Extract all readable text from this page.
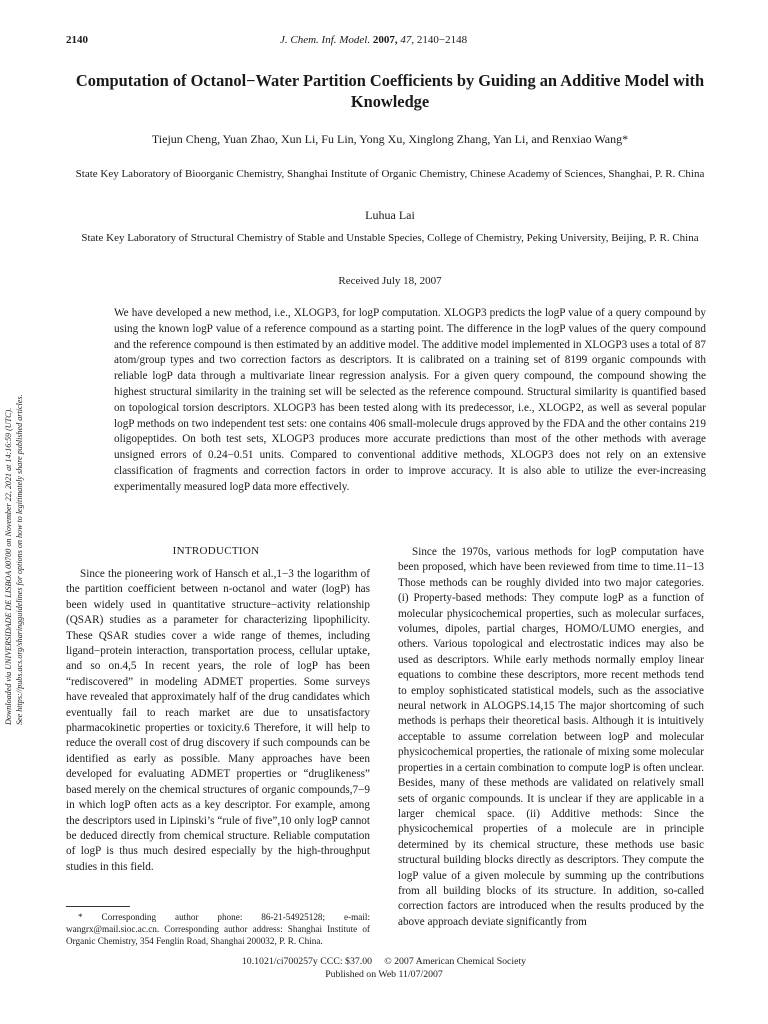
2140	J. Chem. Inf. Model. 2007, 47, 2140−2148
Computation of Octanol−Water Partition Coefficients by Guiding an Additive Model with Knowledge
Tiejun Cheng, Yuan Zhao, Xun Li, Fu Lin, Yong Xu, Xinglong Zhang, Yan Li, and Renxiao Wang*
State Key Laboratory of Bioorganic Chemistry, Shanghai Institute of Organic Chemistry, Chinese Academy of Sciences, Shanghai, P. R. China
Luhua Lai
State Key Laboratory of Structural Chemistry of Stable and Unstable Species, College of Chemistry, Peking University, Beijing, P. R. China
Received July 18, 2007
Downloaded via UNIVERSIDADE DE LISBOA 00700 on November 22, 2021 at 14:16:59 (UTC). See https://pubs.acs.org/sharingguidelines for options on how to legitimately share published articles.
We have developed a new method, i.e., XLOGP3, for logP computation. XLOGP3 predicts the logP value of a query compound by using the known logP value of a reference compound as a starting point. The difference in the logP values of the query compound and the reference compound is then estimated by an additive model. The additive model implemented in XLOGP3 uses a total of 87 atom/group types and two correction factors as descriptors. It is calibrated on a training set of 8199 organic compounds with reliable logP data through a multivariate linear regression analysis. For a given query compound, the compound showing the highest structural similarity in the training set will be selected as the reference compound. Structural similarity is quantified based on topological torsion descriptors. XLOGP3 has been tested along with its predecessor, i.e., XLOGP2, as well as several popular logP methods on two independent test sets: one contains 406 small-molecule drugs approved by the FDA and the other contains 219 oligopeptides. On both test sets, XLOGP3 produces more accurate predictions than most of the other methods with average unsigned errors of 0.24−0.51 units. Compared to conventional additive methods, XLOGP3 does not rely on an extensive classification of fragments and correction factors in order to improve accuracy. It is also able to utilize the ever-increasing experimentally measured logP data more effectively.
INTRODUCTION

Since the pioneering work of Hansch et al.,1−3 the logarithm of the partition coefficient between n-octanol and water (logP) has been widely used in quantitative structure−activity relationship (QSAR) studies as a parameter for characterizing lipophilicity. These QSAR studies cover a wide range of themes, including ligand−protein interaction, transportation process, cellular uptake, and so on.4,5 In recent years, the role of logP has been “rediscovered” in modeling ADMET properties. Some surveys have revealed that approximately half of the drug candidates which eventually fail to reach market are due to unsatisfactory pharmacokinetic properties or toxicity.6 Therefore, it will help to reduce the overall cost of drug discovery if such compounds can be identified as early as possible. Many approaches have been developed for evaluating ADMET properties or “druglikeness” based merely on the chemical structures of organic compounds,7−9 in which logP often acts as a key descriptor. For example, among the descriptors used in Lipinski’s “rule of five”,10 only logP cannot be deduced directly from chemical structure. Reliable computation of logP is thus much desired especially by the high-throughput studies in this field.

Since the 1970s, various methods for logP computation have been proposed, which have been reviewed from time to time.11−13 Those methods can be roughly divided into two major categories. (i) Property-based methods: They compute logP as a function of molecular physicochemical properties, such as molecular surfaces, volumes, dipoles, partial charges, HOMO/LUMO energies, and others. Various topological and electrostatic indices may also be used as descriptors. While early methods normally employ linear equations to combine these descriptors, more recent methods tend to employ sophisticated statistical models, such as the associative neural network in ALOGPS.14,15 The major shortcoming of such methods is perhaps their theoretical basis. Although it is intuitively acceptable to assume correlation between logP and molecular physicochemical properties, the rationale of mixing some molecular properties in a certain combination to compute logP is often unclear. Besides, many of these methods are validated on relatively small sets of organic compounds. It is unclear if they are applicable in a larger chemical space. (ii) Additive methods: Since the physicochemical properties of a molecule are in principle determined by its chemical structure, these methods use basic structural building blocks directly as descriptors. They compute the logP value of a given molecule by summing up the contributions from all building blocks of its structure. In addition, so-called correction factors are introduced when the results produced by the above approach deviate significantly from

* Corresponding author phone: 86-21-54925128; e-mail: wangrx@mail.sioc.ac.cn. Corresponding author address: Shanghai Institute of Organic Chemistry, 354 Fenglin Road, Shanghai 200032, P. R. China.
10.1021/ci700257y CCC: $37.00     © 2007 American Chemical Society
Published on Web 11/07/2007
